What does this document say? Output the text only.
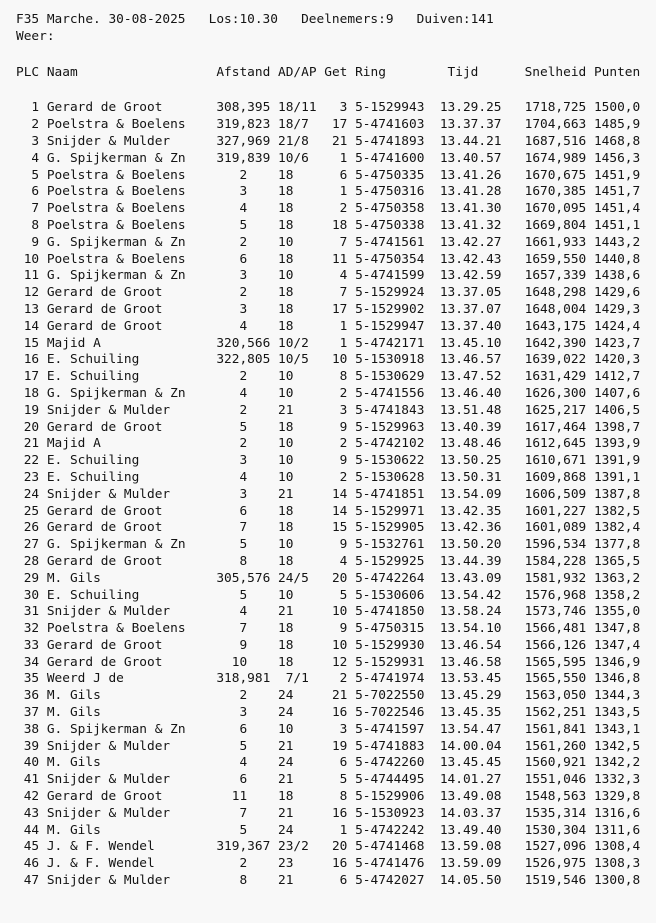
F35 Marche. 30-08-2025 Los:10.30 Deelnemers:9 Duiven:141
Weer:

PLC Naam                  Afstand AD/AP Get Ring        Tijd      Snelheid Punten

1 Gerard de Groot       308,395 18/11   3 5-1529943 13.29.25 1718,725 1500,0
2 Poelstra & Boelens    319,823 18/7   17 5-4741603 13.37.37 1704,663 1485,9
3 Snijder & Mulder      327,969 21/8   21 5-4741893 13.44.21 1687,516 1468,8
4 G. Spijkerman & Zn    319,839 10/6    1 5-4741600 13.40.57 1674,989 1456,3
5 Poelstra & Boelens       2    18      6 5-4750335 13.41.26 1670,675 1451,9
6 Poelstra & Boelens       3    18      1 5-4750316 13.41.28 1670,385 1451,7
7 Poelstra & Boelens       4    18      2 5-4750358 13.41.30 1670,095 1451,4
8 Poelstra & Boelens       5    18     18 5-4750338 13.41.32 1669,804 1451,1
9 G. Spijkerman & Zn       2    10      7 5-4741561 13.42.27 1661,933 1443,2
10 Poelstra & Boelens       6    18     11 5-4750354 13.42.43 1659,550 1440,8
11 G. Spijkerman & Zn       3    10      4 5-4741599 13.42.59 1657,339 1438,6
12 Gerard de Groot          2    18      7 5-1529924 13.37.05 1648,298 1429,6
13 Gerard de Groot          3    18     17 5-1529902 13.37.07 1648,004 1429,3
14 Gerard de Groot          4    18      1 5-1529947 13.37.40 1643,175 1424,4
15 Majid A               320,566 10/2    1 5-4742171 13.45.10 1642,390 1423,7
16 E. Schuiling          322,805 10/5   10 5-1530918 13.46.57 1639,022 1420,3
17 E. Schuiling             2    10      8 5-1530629 13.47.52 1631,429 1412,7
18 G. Spijkerman & Zn       4    10      2 5-4741556 13.46.40 1626,300 1407,6
19 Snijder & Mulder         2    21      3 5-4741843 13.51.48 1625,217 1406,5
20 Gerard de Groot          5    18      9 5-1529963 13.40.39 1617,464 1398,7
21 Majid A                  2    10      2 5-4742102 13.48.46 1612,645 1393,9
22 E. Schuiling             3    10      9 5-1530622 13.50.25 1610,671 1391,9
23 E. Schuiling             4    10      2 5-1530628 13.50.31 1609,868 1391,1
24 Snijder & Mulder         3    21     14 5-4741851 13.54.09 1606,509 1387,8
25 Gerard de Groot          6    18     14 5-1529971 13.42.35 1601,227 1382,5
26 Gerard de Groot          7    18     15 5-1529905 13.42.36 1601,089 1382,4
27 G. Spijkerman & Zn       5    10      9 5-1532761 13.50.20 1596,534 1377,8
28 Gerard de Groot          8    18      4 5-1529925 13.44.39 1584,228 1365,5
29 M. Gils               305,576 24/5   20 5-4742264 13.43.09 1581,932 1363,2
30 E. Schuiling             5    10      5 5-1530606 13.54.42 1576,968 1358,2
31 Snijder & Mulder         4    21     10 5-4741850 13.58.24 1573,746 1355,0
32 Poelstra & Boelens       7    18      9 5-4750315 13.54.10 1566,481 1347,8
33 Gerard de Groot          9    18     10 5-1529930 13.46.54 1566,126 1347,4
34 Gerard de Groot         10    18     12 5-1529931 13.46.58 1565,595 1346,9
35 Weerd J de            318,981  7/1    2 5-4741974 13.53.45 1565,550 1346,8
36 M. Gils                  2    24     21 5-7022550 13.45.29 1563,050 1344,3
37 M. Gils                  3    24     16 5-7022546 13.45.35 1562,251 1343,5
38 G. Spijkerman & Zn       6    10      3 5-4741597 13.54.47 1561,841 1343,1
39 Snijder & Mulder         5    21     19 5-4741883 14.00.04 1561,260 1342,5
40 M. Gils                  4    24      6 5-4742260 13.45.45 1560,921 1342,2
41 Snijder & Mulder         6    21      5 5-4744495 14.01.27 1551,046 1332,3
42 Gerard de Groot         11    18      8 5-1529906 13.49.08 1548,563 1329,8
43 Snijder & Mulder         7    21     16 5-1530923 14.03.37 1535,314 1316,6
44 M. Gils                  5    24      1 5-4742242 13.49.40 1530,304 1311,6
45 J. & F. Wendel        319,367 23/2   20 5-4741468 13.59.08 1527,096 1308,4
46 J. & F. Wendel           2    23     16 5-4741476 13.59.09 1526,975 1308,3
47 Snijder & Mulder         8    21      6 5-4742027 14.05.50 1519,546 1300,8
